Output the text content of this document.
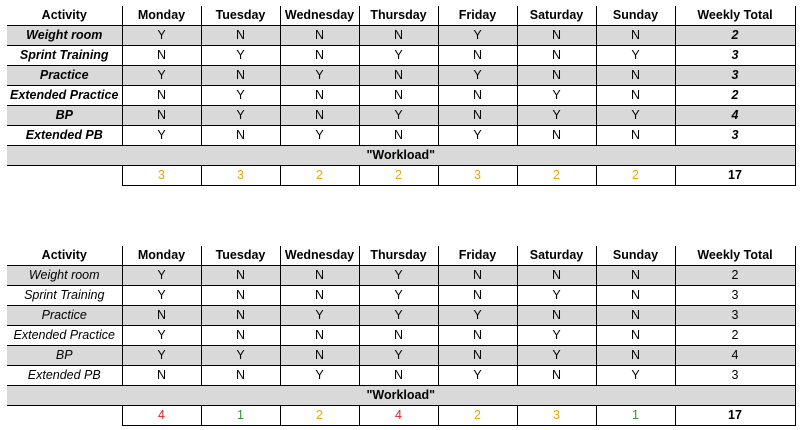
Activity	Monday	Tuesday	Wednesday	Thursday	Friday	Saturday	Sunday	Weekly Total
Weight room	Y	N	N	N	Y	N	N	2
Sprint Training	N	Y	N	Y	N	N	Y	3
Practice	Y	N	Y	N	Y	N	N	3
Extended Practice	N	Y	N	N	N	Y	N	2
BP	N	Y	N	Y	N	Y	Y	4
Extended PB	Y	N	Y	N	Y	N	N	3
"Workload"								
	3	3	2	2	3	2	2	17
Activity	Monday	Tuesday	Wednesday	Thursday	Friday	Saturday	Sunday	Weekly Total
Weight room	Y	N	N	Y	N	N	N	2
Sprint Training	Y	N	N	Y	N	Y	N	3
Practice	N	N	Y	Y	Y	N	N	3
Extended Practice	Y	N	N	N	N	Y	N	2
BP	Y	Y	N	Y	N	Y	N	4
Extended PB	N	N	Y	N	Y	N	Y	3
"Workload"								
	4	1	2	4	2	3	1	17
